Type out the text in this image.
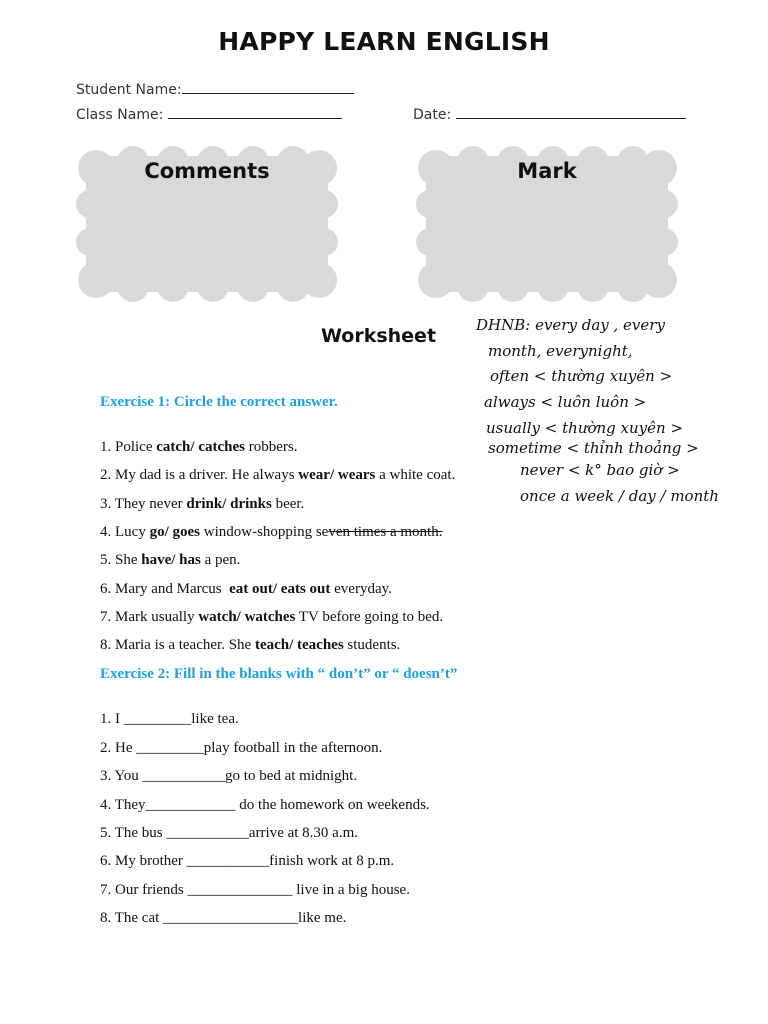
HAPPY LEARN ENGLISH
Student Name:
Class Name:	Date:
Comments	Mark
Worksheet	DHNB: every day , every
month, everynight,
often < thường xuyên >
always < luôn luôn >
usually < thường xuyên >
sometime < thỉnh thoảng >
never < k° bao giờ >
once a week / day / month
Exercise 1: Circle the correct answer.
1. Police catch/ catches robbers.
2. My dad is a driver. He always wear/ wears a white coat.
3. They never drink/ drinks beer.
4. Lucy go/ goes window-shopping seven times a month.
5. She have/ has a pen.
6. Mary and Marcus  eat out/ eats out everyday.
7. Mark usually watch/ watches TV before going to bed.
8. Maria is a teacher. She teach/ teaches students.
Exercise 2: Fill in the blanks with “ don’t” or “ doesn’t”
1. I _________like tea.
2. He _________play football in the afternoon.
3. You ___________go to bed at midnight.
4. They____________ do the homework on weekends.
5. The bus ___________arrive at 8.30 a.m.
6. My brother ___________finish work at 8 p.m.
7. Our friends ______________ live in a big house.
8. The cat __________________like me.
